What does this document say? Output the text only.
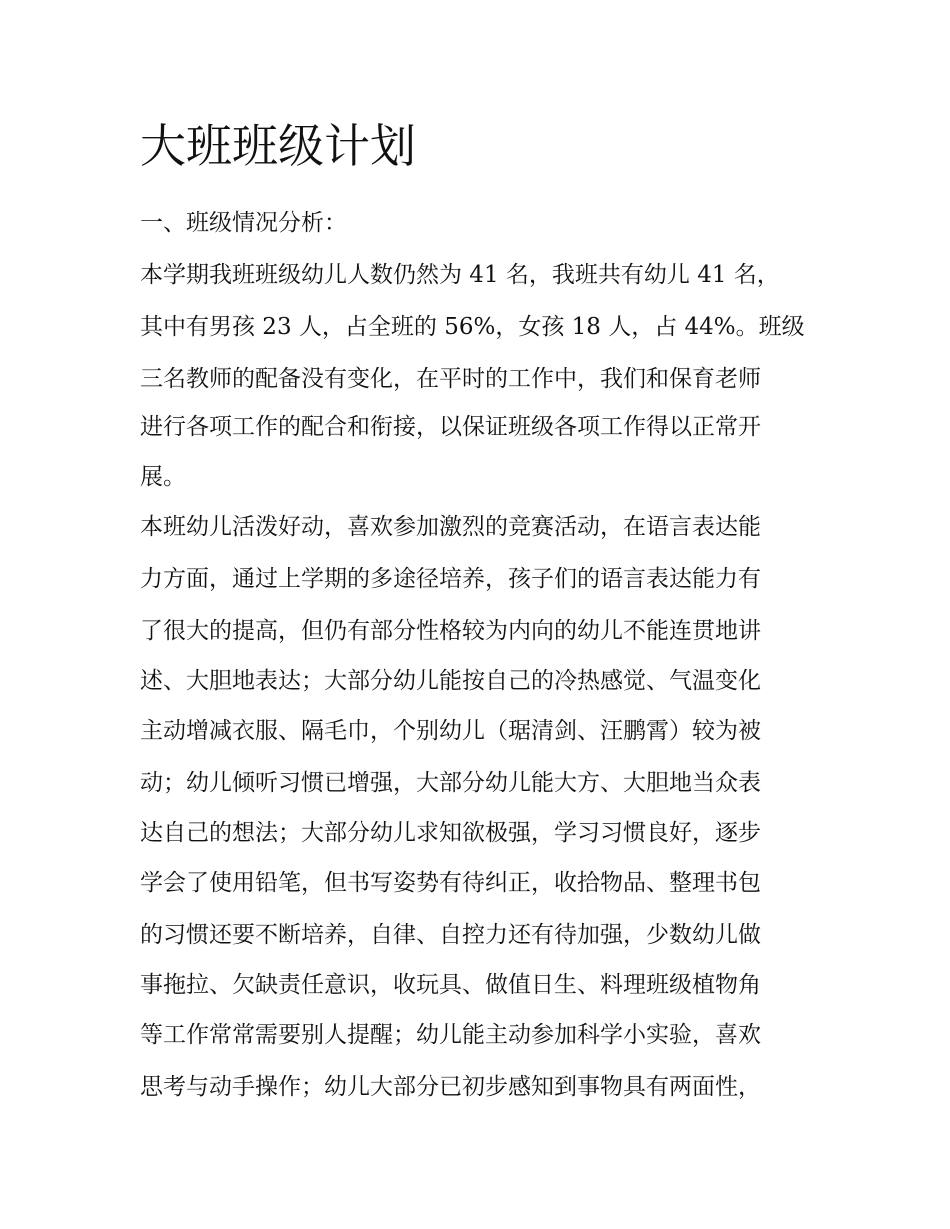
大班班级计划

一、班级情况分析：

本学期我班班级幼儿人数仍然为 41 名，我班共有幼儿 41 名，

其中有男孩 23 人，占全班的 56%，女孩 18 人，占 44%。班级

三名教师的配备没有变化，在平时的工作中，我们和保育老师

进行各项工作的配合和衔接，以保证班级各项工作得以正常开

展。

本班幼儿活泼好动，喜欢参加激烈的竞赛活动，在语言表达能

力方面，通过上学期的多途径培养，孩子们的语言表达能力有

了很大的提高，但仍有部分性格较为内向的幼儿不能连贯地讲

述、大胆地表达；大部分幼儿能按自己的冷热感觉、气温变化

主动增减衣服、隔毛巾，个别幼儿（琚清剑、汪鹏霄）较为被

动；幼儿倾听习惯已增强，大部分幼儿能大方、大胆地当众表

达自己的想法；大部分幼儿求知欲极强，学习习惯良好，逐步

学会了使用铅笔，但书写姿势有待纠正，收拾物品、整理书包

的习惯还要不断培养，自律、自控力还有待加强，少数幼儿做

事拖拉、欠缺责任意识，收玩具、做值日生、料理班级植物角

等工作常常需要别人提醒；幼儿能主动参加科学小实验，喜欢

思考与动手操作；幼儿大部分已初步感知到事物具有两面性，
